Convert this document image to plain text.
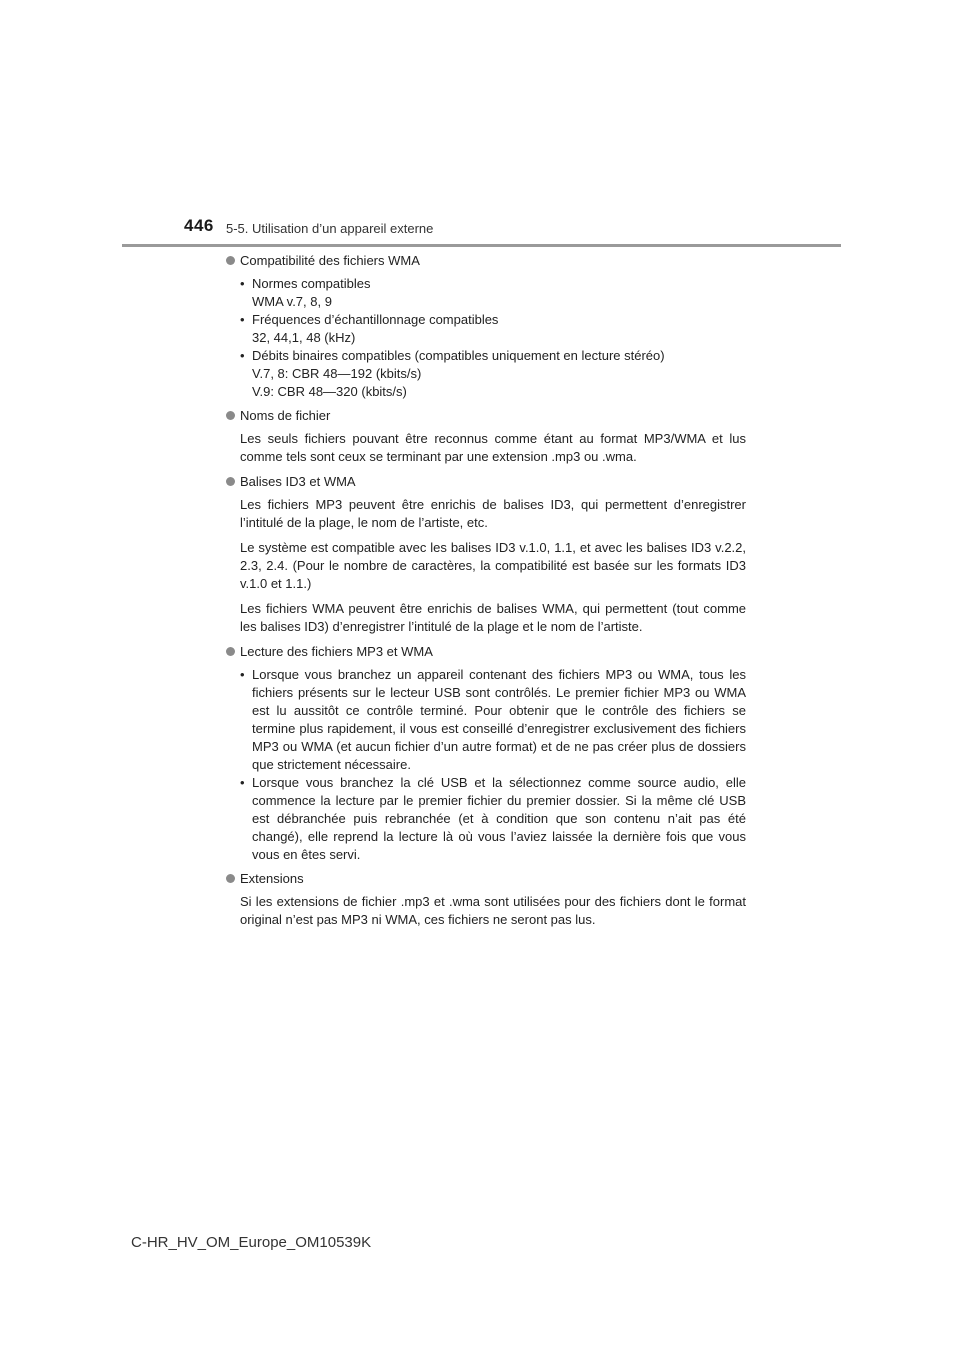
446 5-5. Utilisation d’un appareil externe
Compatibilité des fichiers WMA
• Normes compatibles
WMA v.7, 8, 9
• Fréquences d’échantillonnage compatibles
32, 44,1, 48 (kHz)
• Débits binaires compatibles (compatibles uniquement en lecture stéréo)
V.7, 8: CBR 48—192 (kbits/s)
V.9: CBR 48—320 (kbits/s)
Noms de fichier

Les seuls fichiers pouvant être reconnus comme étant au format MP3/WMA et lus comme tels sont ceux se terminant par une extension .mp3 ou .wma.

Balises ID3 et WMA

Les fichiers MP3 peuvent être enrichis de balises ID3, qui permettent d’enregistrer l’intitulé de la plage, le nom de l’artiste, etc.

Le système est compatible avec les balises ID3 v.1.0, 1.1, et avec les balises ID3 v.2.2, 2.3, 2.4. (Pour le nombre de caractères, la compatibilité est basée sur les formats ID3 v.1.0 et 1.1.)

Les fichiers WMA peuvent être enrichis de balises WMA, qui permettent (tout comme les balises ID3) d’enregistrer l’intitulé de la plage et le nom de l’artiste.

Lecture des fichiers MP3 et WMA
• Lorsque vous branchez un appareil contenant des fichiers MP3 ou WMA, tous les fichiers présents sur le lecteur USB sont contrôlés. Le premier fichier MP3 ou WMA est lu aussitôt ce contrôle terminé. Pour obtenir que le contrôle des fichiers se termine plus rapidement, il vous est conseillé d’enregistrer exclusivement des fichiers MP3 ou WMA (et aucun fichier d’un autre format) et de ne pas créer plus de dossiers que strictement nécessaire.
• Lorsque vous branchez la clé USB et la sélectionnez comme source audio, elle commence la lecture par le premier fichier du premier dossier. Si la même clé USB est débranchée puis rebranchée (et à condition que son contenu n’ait pas été changé), elle reprend la lecture là où vous l’aviez laissée la dernière fois que vous vous en êtes servi.
Extensions

Si les extensions de fichier .mp3 et .wma sont utilisées pour des fichiers dont le format original n’est pas MP3 ni WMA, ces fichiers ne seront pas lus.

C-HR_HV_OM_Europe_OM10539K
